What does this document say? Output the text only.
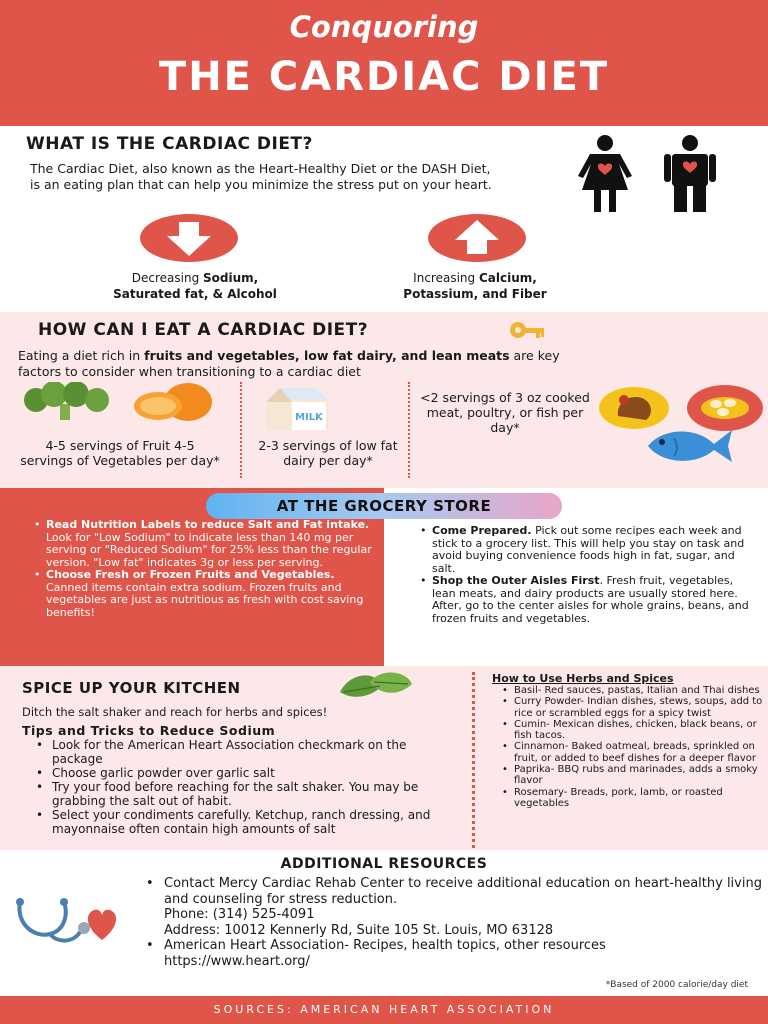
Conquoring
THE CARDIAC DIET
WHAT IS THE CARDIAC DIET?
The Cardiac Diet, also known as the Heart-Healthy Diet or the DASH Diet, is an eating plan that can help you minimize the stress put on your heart.
Decreasing Sodium,
Saturated fat, & Alcohol
Increasing Calcium,
Potassium, and Fiber
HOW CAN I EAT A CARDIAC DIET?
Eating a diet rich in fruits and vegetables, low fat dairy, and lean meats are key factors to consider when transitioning to a cardiac diet
MILK
4-5 servings of Fruit 4-5 servings of Vegetables per day*
2-3 servings of low fat dairy per day*
<2 servings of 3 oz cooked meat, poultry, or fish per day*
AT THE GROCERY STORE
• Read Nutrition Labels to reduce Salt and Fat intake. Look for "Low Sodium" to indicate less than 140 mg per serving or "Reduced Sodium" for 25% less than the regular version. "Low fat" indicates 3g or less per serving.
• Choose Fresh or Frozen Fruits and Vegetables. Canned items contain extra sodium. Frozen fruits and vegetables are just as nutritious as fresh with cost saving benefits!
• Come Prepared. Pick out some recipes each week and stick to a grocery list. This will help you stay on task and avoid buying convenience foods high in fat, sugar, and salt.
• Shop the Outer Aisles First. Fresh fruit, vegetables, lean meats, and dairy products are usually stored here. After, go to the center aisles for whole grains, beans, and frozen fruits and vegetables.
SPICE UP YOUR KITCHEN
Ditch the salt shaker and reach for herbs and spices!
Tips and Tricks to Reduce Sodium
• Look for the American Heart Association checkmark on the package
• Choose garlic powder over garlic salt
• Try your food before reaching for the salt shaker. You may be grabbing the salt out of habit.
• Select your condiments carefully. Ketchup, ranch dressing, and mayonnaise often contain high amounts of salt
How to Use Herbs and Spices
• Basil- Red sauces, pastas, Italian and Thai dishes
• Curry Powder- Indian dishes, stews, soups, add to rice or scrambled eggs for a spicy twist
• Cumin- Mexican dishes, chicken, black beans, or fish tacos.
• Cinnamon- Baked oatmeal, breads, sprinkled on fruit, or added to beef dishes for a deeper flavor
• Paprika- BBQ rubs and marinades, adds a smoky flavor
• Rosemary- Breads, pork, lamb, or roasted vegetables
ADDITIONAL RESOURCES
• Contact Mercy Cardiac Rehab Center to receive additional education on heart-healthy living and counseling for stress reduction.
Phone: (314) 525-4091
Address: 10012 Kennerly Rd, Suite 105 St. Louis, MO 63128
• American Heart Association- Recipes, health topics, other resources
https://www.heart.org/
*Based of 2000 calorie/day diet
SOURCES: AMERICAN HEART ASSOCIATION
